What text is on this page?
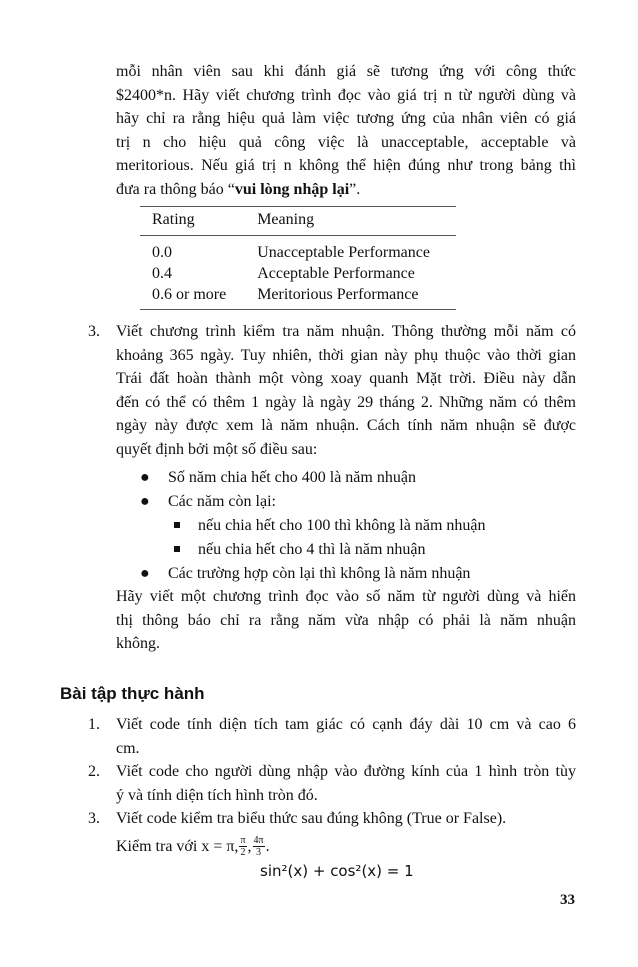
mỗi nhân viên sau khi đánh giá sẽ tương ứng với công thức
$2400*n. Hãy viết chương trình đọc vào giá trị n từ người dùng và
hãy chỉ ra rằng hiệu quả làm việc tương ứng của nhân viên có giá
trị n cho hiệu quả công việc là unacceptable, acceptable và
meritorious. Nếu giá trị n không thể hiện đúng như trong bảng thì
đưa ra thông báo “vui lòng nhập lại”.
Rating	Meaning
0.0	Unacceptable Performance
0.4	Acceptable Performance
0.6 or more	Meritorious Performance
3. Viết chương trình kiểm tra năm nhuận. Thông thường mỗi năm có
khoảng 365 ngày. Tuy nhiên, thời gian này phụ thuộc vào thời gian
Trái đất hoàn thành một vòng xoay quanh Mặt trời. Điều này dẫn
đến có thể có thêm 1 ngày là ngày 29 tháng 2. Những năm có thêm
ngày này được xem là năm nhuận. Cách tính năm nhuận sẽ được
quyết định bởi một số điều sau:
● Số năm chia hết cho 400 là năm nhuận
● Các năm còn lại:
nếu chia hết cho 100 thì không là năm nhuận
nếu chia hết cho 4 thì là năm nhuận
● Các trường hợp còn lại thì không là năm nhuận
Hãy viết một chương trình đọc vào số năm từ người dùng và hiển
thị thông báo chỉ ra rằng năm vừa nhập có phải là năm nhuận
không.
Bài tập thực hành
1. Viết code tính diện tích tam giác có cạnh đáy dài 10 cm và cao 6
cm.
2. Viết code cho người dùng nhập vào đường kính của 1 hình tròn tùy
ý và tính diện tích hình tròn đó.
3. Viết code kiểm tra biểu thức sau đúng không (True or False).
Kiểm tra với x = π, $\frac{\pi}{2}$ , $\frac{4\pi}{3}$ .
sin²(x) + cos²(x) = 1
33
